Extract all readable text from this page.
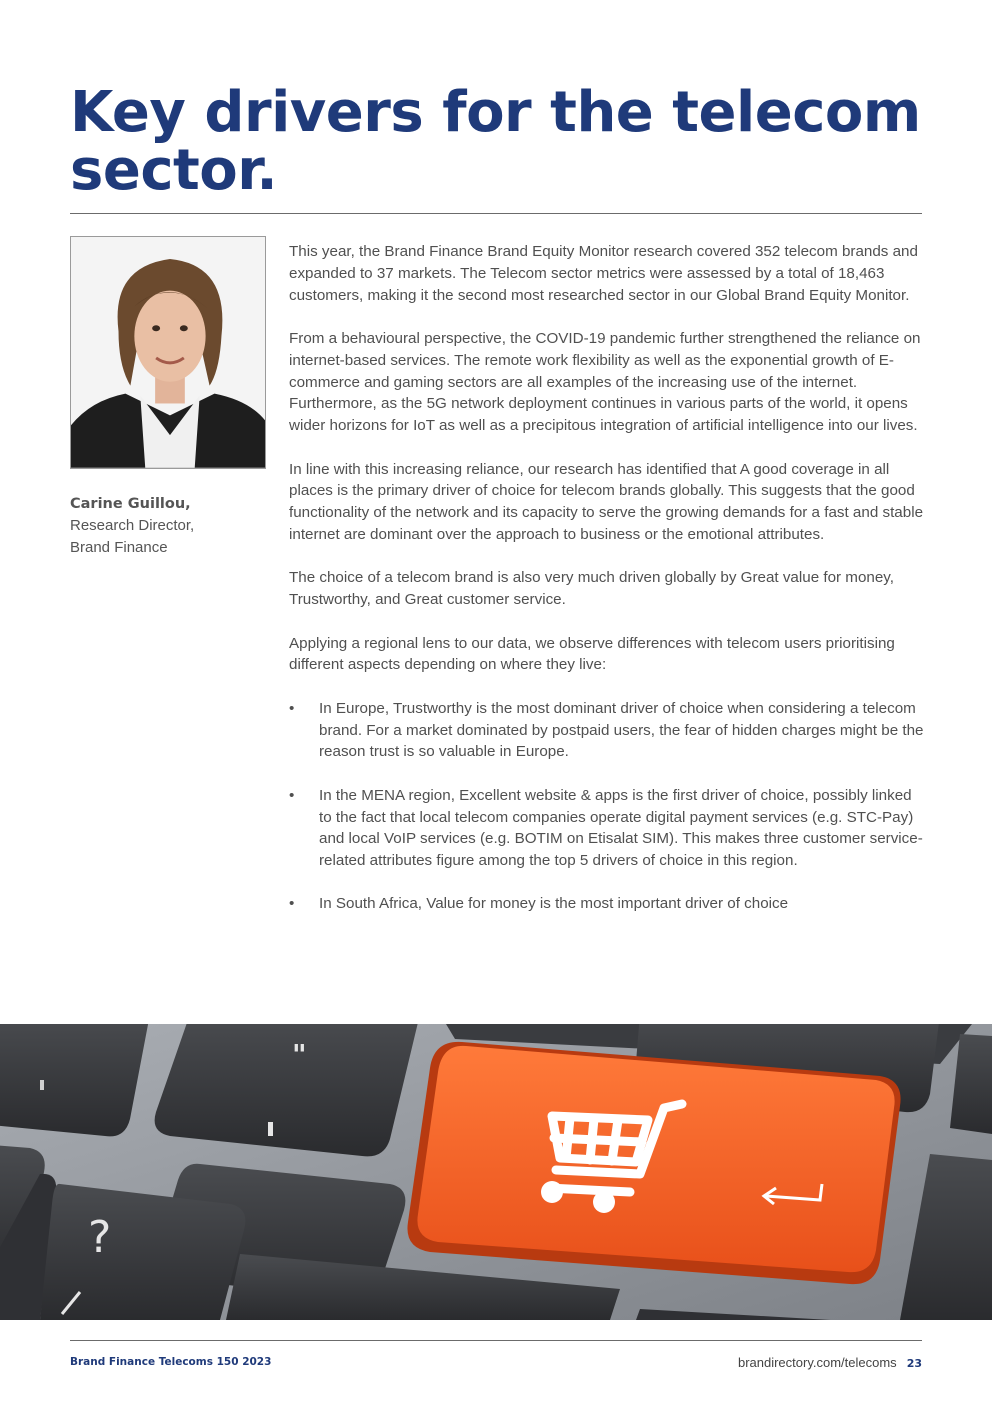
Key drivers for the telecom
sector.
Carine Guillou,
Research Director,
Brand Finance

This year, the Brand Finance Brand Equity Monitor research covered 352 telecom brands and expanded to 37 markets. The Telecom sector metrics were assessed by a total of 18,463 customers, making it the second most researched sector in our Global Brand Equity Monitor.

From a behavioural perspective, the COVID-19 pandemic further strengthened the reliance on internet-based services. The remote work flexibility as well as the exponential growth of E-commerce and gaming sectors are all examples of the increasing use of the internet. Furthermore, as the 5G network deployment continues in various parts of the world, it opens wider horizons for IoT as well as a precipitous integration of artificial intelligence into our lives.

In line with this increasing reliance, our research has identified that A good coverage in all places is the primary driver of choice for telecom brands globally. This suggests that the good functionality of the network and its capacity to serve the growing demands for a fast and stable internet are dominant over the approach to business or the emotional attributes.

The choice of a telecom brand is also very much driven globally by Great value for money, Trustworthy, and Great customer service.

Applying a regional lens to our data, we observe differences with telecom users prioritising different aspects depending on where they live:

• In Europe, Trustworthy is the most dominant driver of choice when considering a telecom brand. For a market dominated by postpaid users, the fear of hidden charges might be the reason trust is so valuable in Europe.
• In the MENA region, Excellent website & apps is the first driver of choice, possibly linked to the fact that local telecom companies operate digital payment services (e.g. STC-Pay) and local VoIP services (e.g. BOTIM on Etisalat SIM). This makes three customer service-related attributes figure among the top 5 drivers of choice in this region.
• In South Africa, Value for money is the most important driver of choice
"
?
Brand Finance Telecoms 150 2023	brandirectory.com/telecoms 23
